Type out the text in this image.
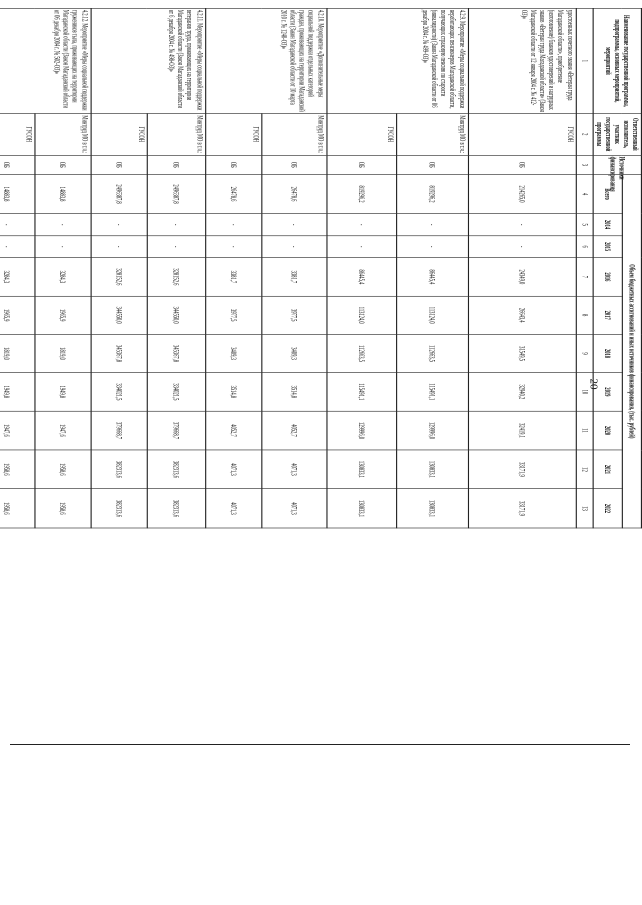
20
Наименование государственной программы, подпрограммы, основных мероприятий, мероприятий	Ответственный исполнитель, участник государственной программы	Источники финансирования	Объем бюджетных ассигнований и иных источников финансирования, (тыс. рублей)									
			Всего	2014	2015	2016	2017	2018	2019	2020	2021	2022
1	2	3	4	5	6	7	8	9	10	11	12	13
удостоенных почетного звания «Ветеран труда Магаданской области», приобретение (изготовление) бланков удостоверений и нагрудных знаков «Ветеран труда Магаданской области» (Закон Магаданской области от 12 января 2004 г. № 412-ОЗ)»	ГУСОН	ОБ	214265,0	-	-	24349,0	26643,4	31549,5	32940,2	32419,1	33171,9	33171,9
4.2.9. Мероприятие «Меры социальной поддержки неработающих пенсионеров Магаданской области, получающих страховую пенсию по старости (инвалидности) (Закон Магаданской области от 06 декабря 2004 г. № 499-ОЗ)»	Минтруд МО в т.ч.:	ОБ	819296,2	-	-	86445,4	113124,0	112663,5	115491,1	129996,0	130833,1	130833,1
	ГУСОН	ОБ	819296,2	-	-	86445,4	113124,0	112663,5	115491,1	129996,0	130833,1	130833,1
4.2.10. Мероприятие «Дополнительные меры социальной поддержки отдельных категорий граждан, проживающих на территории Магаданской области (Закон Магаданской области от 10 марта 2010 г. № 1240-ОЗ)»	Минтруд МО в т.ч.:	ОБ	26478,6	-	-	3381,7	3977,5	3409,3	3514,8	4052,7	4071,3	4071,3
	ГУСОН	ОБ	26478,6	-	-	3381,7	3977,5	3409,3	3514,8	4052,7	4071,3	4071,3
4.2.11. Мероприятие «Меры социальной поддержки ветеранов труда, проживающих на территории Магаданской области (Закон Магаданской области от 6 декабря 2004 г. № 498-ОЗ)»	Минтруд МО в т.ч.:	ОБ	2496387,8	-	-	328152,6	344550,0	345367,8	334021,5	379668,7	382313,6	382313,6
	ГУСОН	ОБ	2496387,8	-	-	328152,6	344550,0	345367,8	334021,5	379668,7	382313,6	382313,6
4.2.12. Мероприятие «Меры социальной поддержки тружеников тыла, проживающих на территории Магаданской области (Закон Магаданской области от 06 декабря 2004 г. № 502-ОЗ)»	Минтруд МО в т.ч.:	ОБ	14883,8	-	-	3284,3	1965,9	1819,0	1949,8	1947,6	1958,6	1958,6
	ГУСОН	ОБ	14883,8	-	-	3284,3	1965,9	1819,0	1949,8	1947,6	1958,6	1958,6
